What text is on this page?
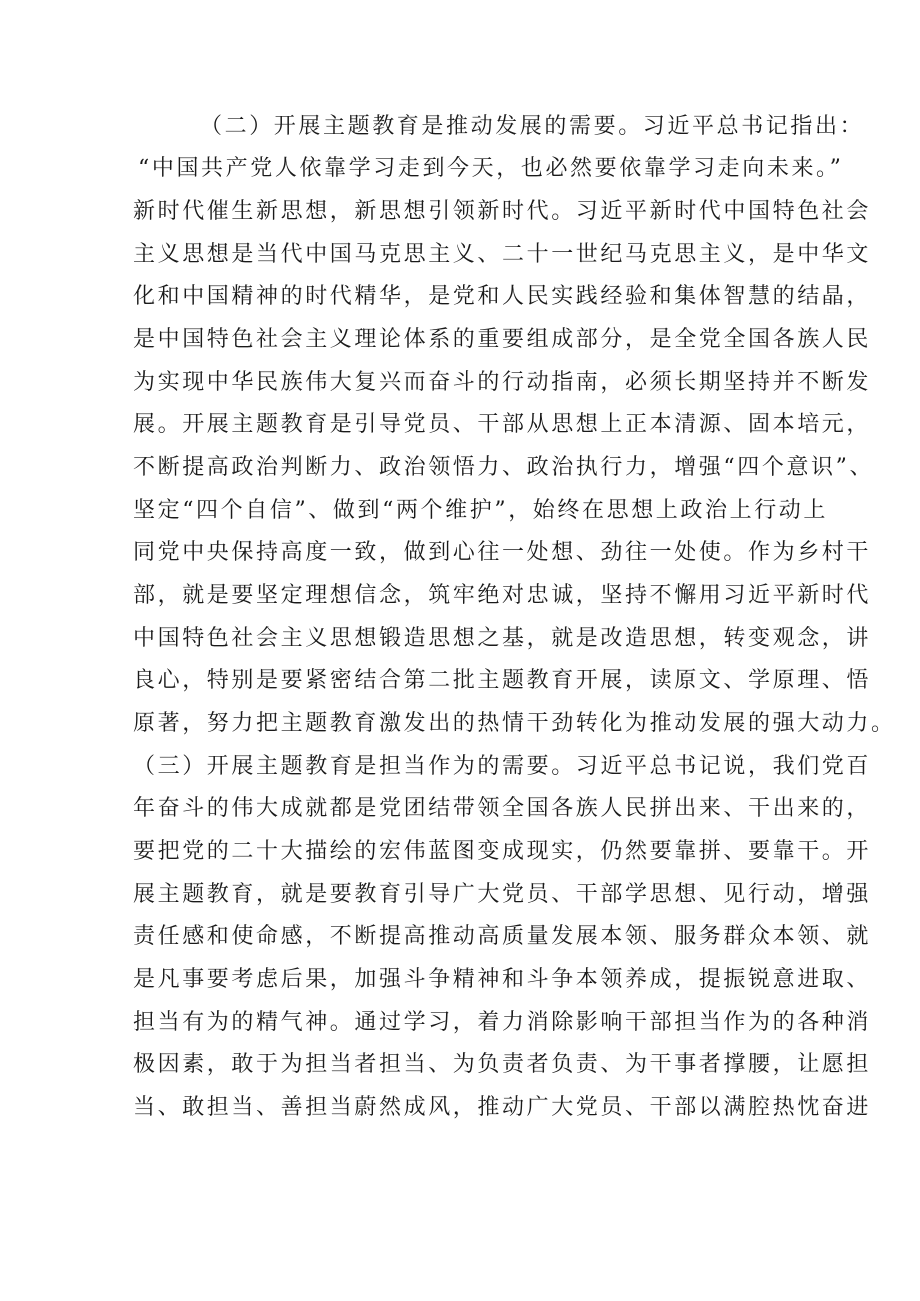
（二）开展主题教育是推动发展的需要。习近平总书记指出：
“中国共产党人依靠学习走到今天，也必然要依靠学习走向未来。”
新时代催生新思想，新思想引领新时代。习近平新时代中国特色社会
主义思想是当代中国马克思主义、二十一世纪马克思主义，是中华文
化和中国精神的时代精华，是党和人民实践经验和集体智慧的结晶，
是中国特色社会主义理论体系的重要组成部分，是全党全国各族人民
为实现中华民族伟大复兴而奋斗的行动指南，必须长期坚持并不断发
展。开展主题教育是引导党员、干部从思想上正本清源、固本培元，
不断提高政治判断力、政治领悟力、政治执行力，增强“四个意识”、
坚定“四个自信”、做到“两个维护”，始终在思想上政治上行动上
同党中央保持高度一致，做到心往一处想、劲往一处使。作为乡村干
部，就是要坚定理想信念，筑牢绝对忠诚，坚持不懈用习近平新时代
中国特色社会主义思想锻造思想之基，就是改造思想，转变观念，讲
良心，特别是要紧密结合第二批主题教育开展，读原文、学原理、悟
原著，努力把主题教育激发出的热情干劲转化为推动发展的强大动力。
（三）开展主题教育是担当作为的需要。习近平总书记说，我们党百
年奋斗的伟大成就都是党团结带领全国各族人民拼出来、干出来的，
要把党的二十大描绘的宏伟蓝图变成现实，仍然要靠拼、要靠干。开
展主题教育，就是要教育引导广大党员、干部学思想、见行动，增强
责任感和使命感，不断提高推动高质量发展本领、服务群众本领、就
是凡事要考虑后果，加强斗争精神和斗争本领养成，提振锐意进取、
担当有为的精气神。通过学习，着力消除影响干部担当作为的各种消
极因素，敢于为担当者担当、为负责者负责、为干事者撑腰，让愿担
当、敢担当、善担当蔚然成风，推动广大党员、干部以满腔热忱奋进
